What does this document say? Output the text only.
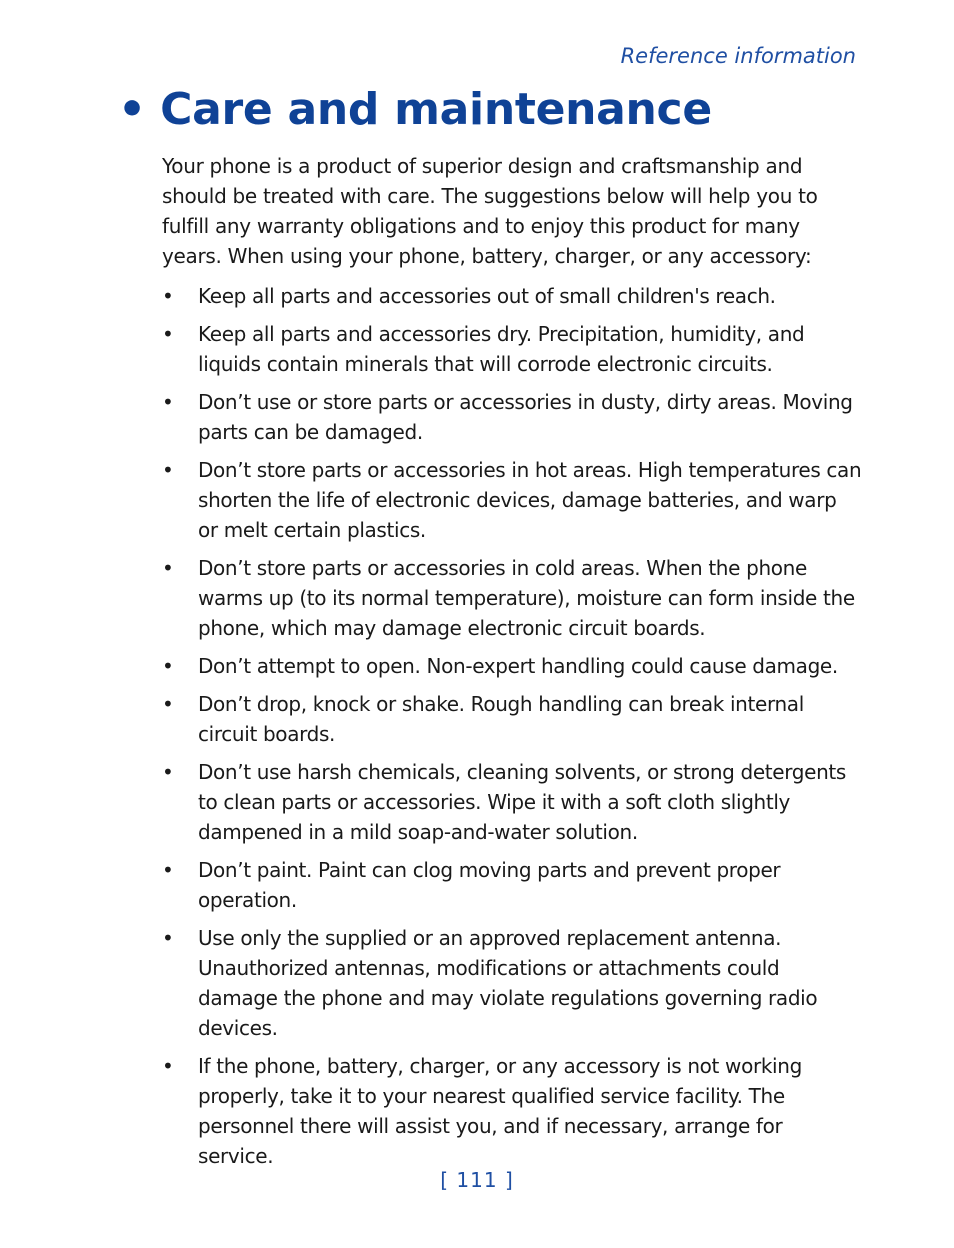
Reference information
• Care and maintenance

Your phone is a product of superior design and craftsmanship and should be treated with care. The suggestions below will help you to fulfill any warranty obligations and to enjoy this product for many years. When using your phone, battery, charger, or any accessory:

•	Keep all parts and accessories out of small children's reach.
•	Keep all parts and accessories dry. Precipitation, humidity, and liquids contain minerals that will corrode electronic circuits.
•	Don’t use or store parts or accessories in dusty, dirty areas. Moving parts can be damaged.
•	Don’t store parts or accessories in hot areas. High temperatures can shorten the life of electronic devices, damage batteries, and warp or melt certain plastics.
•	Don’t store parts or accessories in cold areas. When the phone warms up (to its normal temperature), moisture can form inside the phone, which may damage electronic circuit boards.
•	Don’t attempt to open. Non-expert handling could cause damage.
•	Don’t drop, knock or shake. Rough handling can break internal circuit boards.
•	Don’t use harsh chemicals, cleaning solvents, or strong detergents to clean parts or accessories. Wipe it with a soft cloth slightly dampened in a mild soap-and-water solution.
•	Don’t paint. Paint can clog moving parts and prevent proper operation.
•	Use only the supplied or an approved replacement antenna. Unauthorized antennas, modifications or attachments could damage the phone and may violate regulations governing radio devices.
•	If the phone, battery, charger, or any accessory is not working properly, take it to your nearest qualified service facility. The personnel there will assist you, and if necessary, arrange for service.
[ 111 ]
